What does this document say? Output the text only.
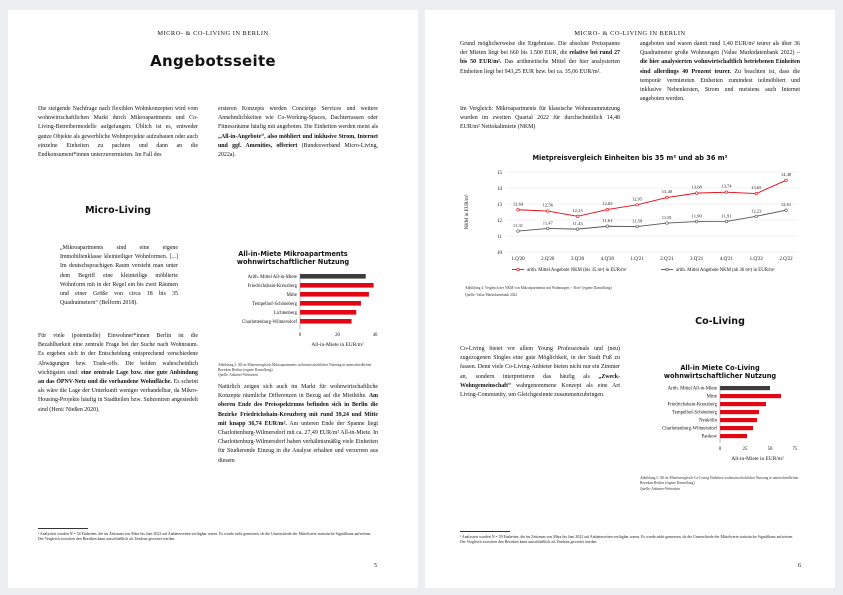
MICRO- & CO-LIVING IN BERLIN
Angebotsseite
Die steigende Nachfrage nach flexiblen Wohnkonzepten wird vom wohnwirtschaftlichen Markt durch Mikroapartments und Co-Living-Betreibermodelle aufgefangen. Üblich ist es, entweder ganze Objekte als gewerbliche Wohnprojekte aufzubauen oder auch einzelne Einheiten zu pachten und dann an die Endkonsument*innen unterzuvermieten. Im Fall des
ersteren Konzepts werden Concierge Services und weitere Annehmlichkeiten wie Co-Working-Spaces, Dachterrassen oder Fitnessräume häufig mit angeboten. Die Einheiten werden meist als „All-in-Angebote“, also möbliert und inklusive Strom, Internet und ggf. Amenities, offeriert (Bundesverband Micro-Living, 2022a).
Micro-Living
„Mikroapartments sind eine eigene Immobilienklasse kleinteiliger Wohnformen. [...] Im deutschsprachigen Raum versteht man unter dem Begriff eine kleinteilige möblierte Wohnform mit in der Regel ein bis zwei Räumen und einer Größe von circa 18 bis 35 Quadratmetern“ (Belform 2018).
All-in-Miete Mikroapartments wohnwirtschaftlicher Nutzung
Arith. Mittel All-in-Miete
Friedrichshain-Kreuzberg
Mitte
Tempelhof-Schöneberg
Lichtenberg
Charlottenburg-Wilmersdorf
0	20	40
All-in-Miete in EUR/m²
Abbildung 3: All-in-Mietenvergleich Mikroapartments wohnwirtschaftlicher Nutzung in unterschiedlichen Bezirken Berlins (eigene Darstellung)
Quelle: Anbieter-Webseiten
Für viele (potentielle) Einwohner*innen Berlin ist die Bezahlbarkeit eine zentrale Frage bei der Suche nach Wohnraum. Es ergeben sich in der Entscheidung entsprechend verschiedene Abwägungen bzw. Trade-offs. Die beiden wahrscheinlich wichtigsten sind: eine zentrale Lage bzw. eine gute Anbindung an das ÖPNV-Netz und die vorhandene Wohnfläche. Es scheint als wäre die Lage der Unterkunft weniger verhandelbar, da Mikro-Housing-Projekte häufig in Stadtteilen bzw. Subzentren angesiedelt sind (Heni/ Nießen 2020).
Natürlich zeigen sich auch im Markt für wohnwirtschaftliche Konzepte räumliche Differenzen in Bezug auf die Miethöhe. Am oberen Ende des Preisspektrums befinden sich in Berlin die Bezirke Friedrichshain-Kreuzberg mit rund 39,24 und Mitte mit knapp 36,74 EUR/m². Am unteren Ende der Spanne liegt Charlottenburg-Wilmersdorf mit ca. 27,49 EUR/m² All-in-Miete. In Charlottenburg-Wilmersdorf haben verhältnismäßig viele Einheiten für Studierende Einzug in die Analyse erhalten und verzerren aus diesem
¹ Analysiert wurden N = 54 Einheiten, die im Zeitraum von März bis Juni 2022 auf Anbieterseiten verfügbar waren. Es wurde nicht gemessen, ob die Unterschiede der Mittelwerte statistische Signifikanz aufweisen. Der Vergleich zwischen den Bezirken kann ausschließlich als Tendenz gewertet werden.
5
MICRO- & CO-LIVING IN BERLIN
Grund möglicherweise die Ergebnisse. Die absolute Preisspanne der Mieten liegt bei 660 bis 1.500 EUR, die relative bei rund 27 bis 50 EUR/m². Das arithmetische Mittel der hier analysierten Einheiten liegt bei 943,25 EUR bzw. bei ca. 35,06 EUR/m².
Im Vergleich: Mikroapartments für klassische Wohnraumnutzung wurden im zweiten Quartal 2022 für durchschnittlich 14,48 EUR/m² Nettokaltmiete (NKM)
angeboten und waren damit rund 1,40 EUR/m² teurer als über 36 Quadratmeter große Wohnungen (Value Marktdatenbank 2022) – die hier analysierten wohnwirtschaftlich betriebenen Einheiten sind allerdings 40 Prozent teurer. Zu beachten ist, dass die temporär vermieteten Einheiten zumindest teilmöbliert und inklusive Nebenkosten, Strom und meistens auch Internet angeboten werden.
Mietpreisvergleich Einheiten bis 35 m² und ab 36 m²
10
11
12
13
14
15
NKM in EUR/m²
1.Q'20	2.Q'20	3.Q'20	4.Q'20	1.Q'21	2.Q'21	3.Q'21	4.Q'21	1.Q'22	2.Q'22
12,64	12,56
12,23
12,65
12,95
13,40
13,68	13,74	13,65
14,48
arith. Mittel Angebote NKM (bis 35 m²) in EUR/m²
11,31
11,47	11,43
11,61	11,59
11,81	11,90	11,91
12,23
12,61
arith. Mittel Angebote NKM (ab 36 m²) in EUR/m²
Abbildung 4: Vergleich der NKM von Mikroapartments mit Wohnungen > 36 m² (eigene Darstellung)
Quelle: Value Marktdatenbank 2022
Co-Living
Co-Living bietet vor allem Young Professionals und (neu) zugezogenen Singles eine gute Möglichkeit, in der Stadt Fuß zu fassen. Denn viele Co-Living-Anbieter bieten nicht nur ein Zimmer an, sondern interpretieren das häufig als „Zweck-Wohngemeinschaft“ wahrgenommene Konzept als eine Art Living-Community, um Gleichgesinnte zusammenzubringen.
All-in Miete Co-Living wohnwirtschaftlicher Nutzung
Arith. Mittel All-in-Miete
Mitte
Friedrichshain-Kreuzberg
Tempelhof-Schöneberg
Neukölln
Charlottenburg-Wilmersdorf
Pankow
0	25	50	75
All-in-Miete in EUR/m²
Abbildung 5: All-in-Mietenvergleich Co-Living Einheiten wohnwirtschaftlicher Nutzung in unterschiedlichen Bezirken Berlins (eigene Darstellung)
Quelle: Anbieter-Webseiten
² Analysiert wurden N = 59 Einheiten, die im Zeitraum von März bis Juni 2022 auf Anbieterseiten verfügbar waren. Es wurde nicht gemessen, ob die Unterschiede der Mittelwerte statistische Signifikanz aufweisen. Der Vergleich zwischen den Bezirken kann ausschließlich als Tendenz gewertet werden.
6
